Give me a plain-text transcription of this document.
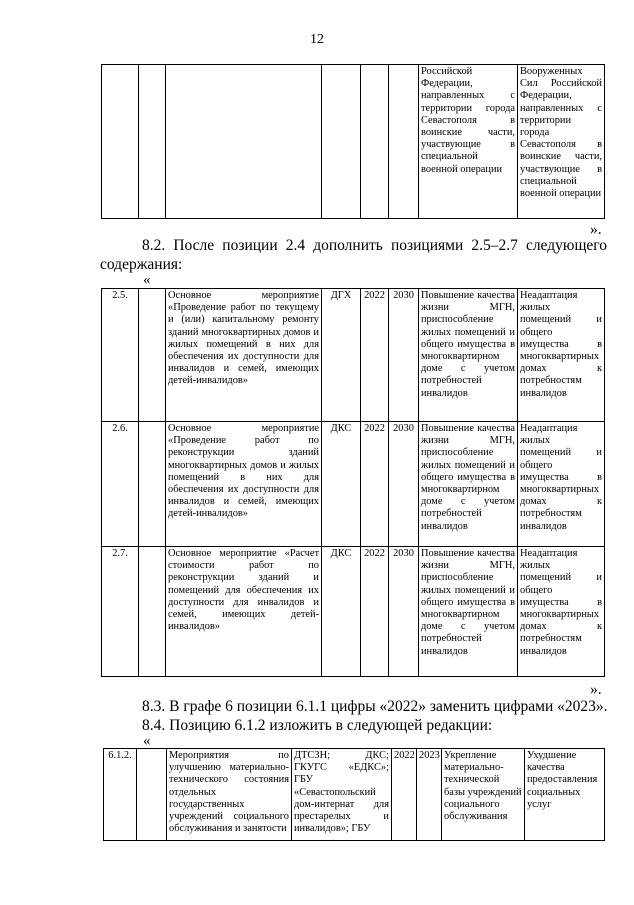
12
						Российской Федерации, направленных с территории города Севастополя в воинские части, участвующие в специальной военной операции	Вооруженных Сил Российской Федерации, направленных с территории города Севастополя в воинские части, участвующие в специальной военной операции
».
8.2. После позиции 2.4 дополнить позициями 2.5–2.7 следующего содержания:
«
2.5.		Основное мероприятие «Проведение работ по текущему и (или) капитальному ремонту зданий многоквартирных домов и жилых помещений в них для обеспечения их доступности для инвалидов и семей, имеющих детей-инвалидов»	ДГХ	2022	2030	Повышение качества жизни МГН, приспособление жилых помещений и общего имущества в многоквартирном доме с учетом потребностей инвалидов	Неадаптация жилых помещений и общего имущества в многоквартирных домах к потребностям инвалидов
2.6.		Основное мероприятие «Проведение работ по реконструкции зданий многоквартирных домов и жилых помещений в них для обеспечения их доступности для инвалидов и семей, имеющих детей-инвалидов»	ДКС	2022	2030	Повышение качества жизни МГН, приспособление жилых помещений и общего имущества в многоквартирном доме с учетом потребностей инвалидов	Неадаптация жилых помещений и общего имущества в многоквартирных домах к потребностям инвалидов
2.7.		Основное мероприятие «Расчет стоимости работ по реконструкции зданий и помещений для обеспечения их доступности для инвалидов и семей, имеющих детей-инвалидов»	ДКС	2022	2030	Повышение качества жизни МГН, приспособление жилых помещений и общего имущества в многоквартирном доме с учетом потребностей инвалидов	Неадаптация жилых помещений и общего имущества в многоквартирных домах к потребностям инвалидов
».
8.3. В графе 6 позиции 6.1.1 цифры «2022» заменить цифрами «2023».
8.4. Позицию 6.1.2 изложить в следующей редакции:
«
6.1.2.		Мероприятия по улучшению материально-технического состояния отдельных государственных учреждений социального обслуживания и занятости	ДТСЗН; ДКС; ГКУГС «ЕДКС»; ГБУ «Севастопольский дом-интернат для престарелых и инвалидов»; ГБУ	2022	2023	Укрепление материально-технической базы учреждений социального обслуживания	Ухудшение качества предоставления социальных услуг
